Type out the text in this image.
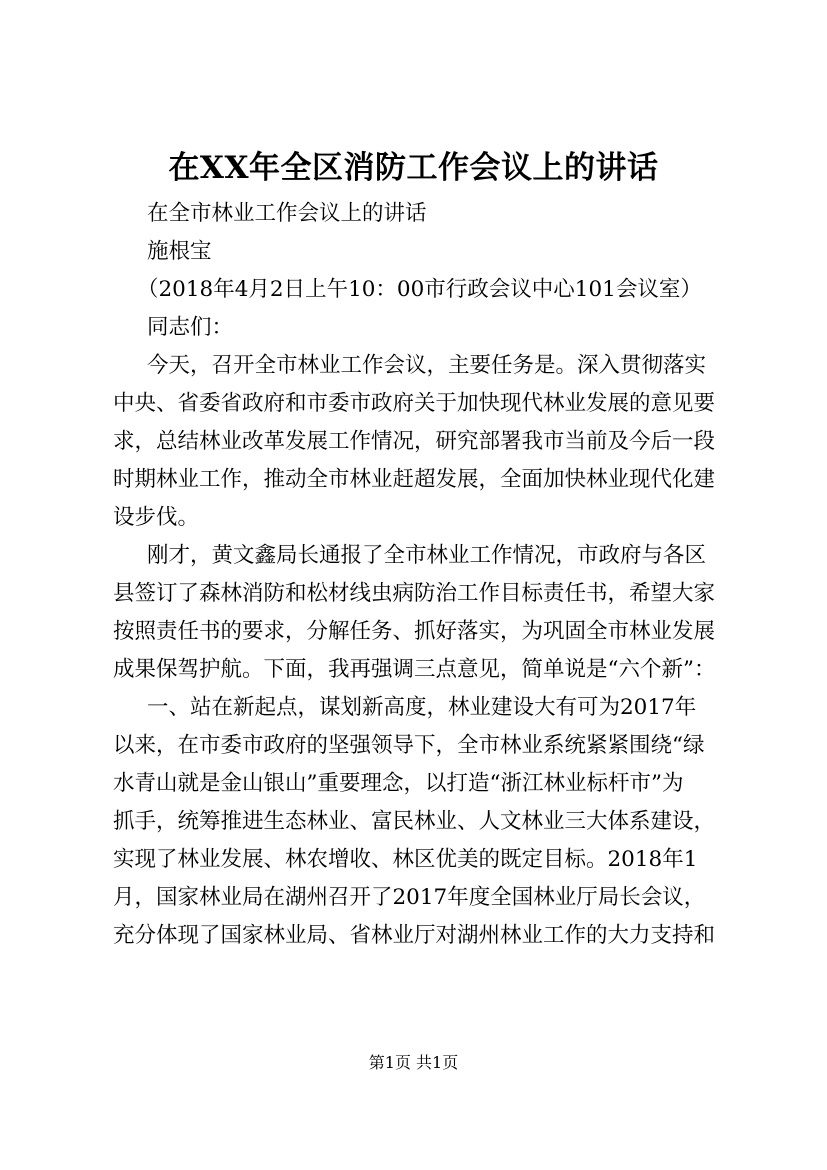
在XX年全区消防工作会议上的讲话
在全市林业工作会议上的讲话
施根宝
（2018年4月2日上午10：00市行政会议中心101会议室）
同志们：
今天，召开全市林业工作会议，主要任务是。深入贯彻落实
中央、省委省政府和市委市政府关于加快现代林业发展的意见要
求，总结林业改革发展工作情况，研究部署我市当前及今后一段
时期林业工作，推动全市林业赶超发展，全面加快林业现代化建
设步伐。
刚才，黄文鑫局长通报了全市林业工作情况，市政府与各区
县签订了森林消防和松材线虫病防治工作目标责任书，希望大家
按照责任书的要求，分解任务、抓好落实，为巩固全市林业发展
成果保驾护航。下面，我再强调三点意见，简单说是“六个新”：
一、站在新起点，谋划新高度，林业建设大有可为2017年
以来，在市委市政府的坚强领导下，全市林业系统紧紧围绕“绿
水青山就是金山银山”重要理念，以打造“浙江林业标杆市”为
抓手，统筹推进生态林业、富民林业、人文林业三大体系建设，
实现了林业发展、林农增收、林区优美的既定目标。2018年1
月，国家林业局在湖州召开了2017年度全国林业厅局长会议，
充分体现了国家林业局、省林业厅对湖州林业工作的大力支持和
第1页 共1页
